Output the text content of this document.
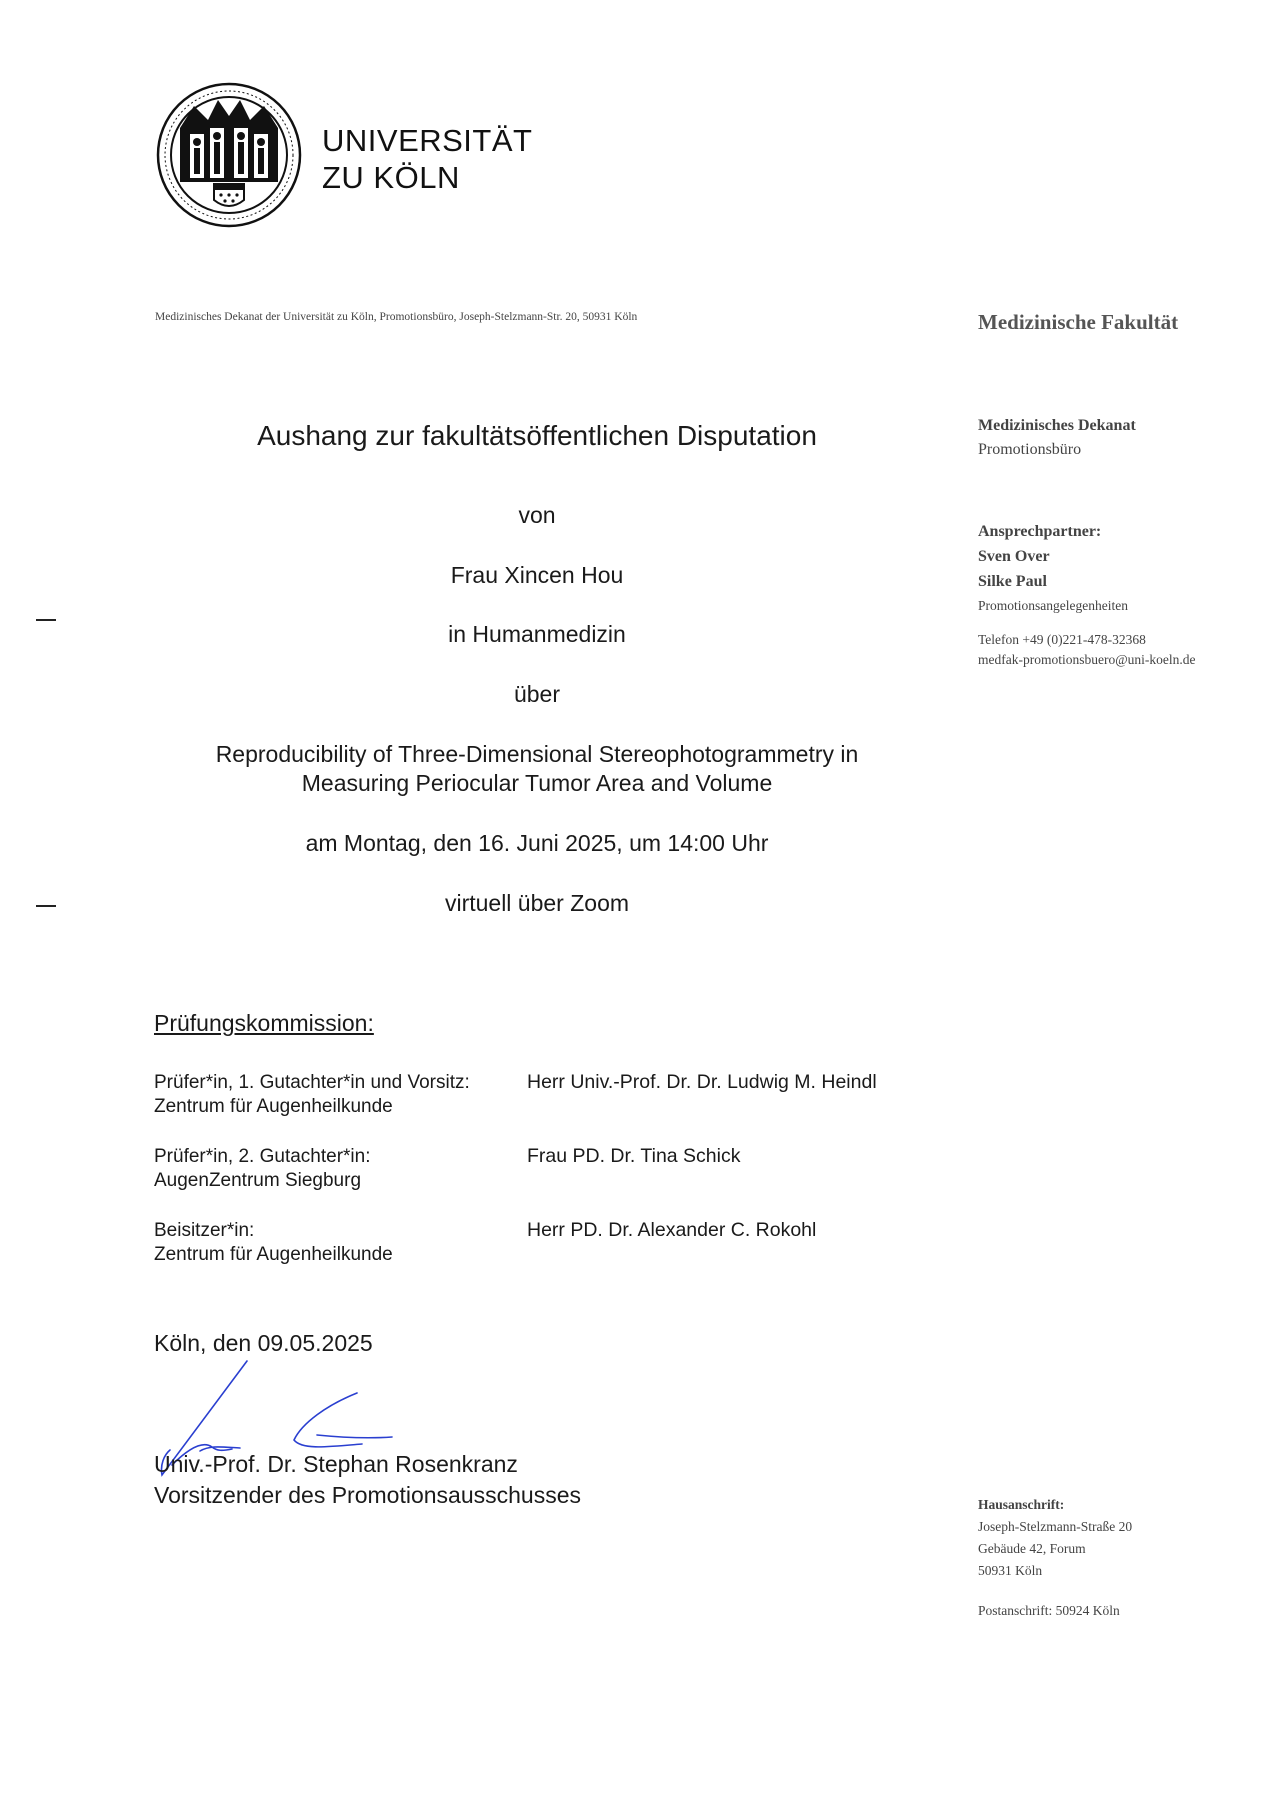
UNIVERSITÄT
ZU KÖLN
Medizinisches Dekanat der Universität zu Köln, Promotionsbüro, Joseph-Stelzmann-Str. 20, 50931 Köln	Medizinische Fakultät
Medizinisches Dekanat
Promotionsbüro
Ansprechpartner:
Sven Over
Silke Paul
Promotionsangelegenheiten
Telefon +49 (0)221-478-32368
medfak-promotionsbuero@uni-koeln.de
Hausanschrift:
Joseph-Stelzmann-Straße 20
Gebäude 42, Forum
50931 Köln
Postanschrift: 50924 Köln
Aushang zur fakultätsöffentlichen Disputation
von
Frau Xincen Hou
in Humanmedizin
über
Reproducibility of Three-Dimensional Stereophotogrammetry in
Measuring Periocular Tumor Area and Volume
am Montag, den 16. Juni 2025, um 14:00 Uhr
virtuell über Zoom
Prüfungskommission:
Prüfer*in, 1. Gutachter*in und Vorsitz:
Zentrum für Augenheilkunde
Herr Univ.-Prof. Dr. Dr. Ludwig M. Heindl
Prüfer*in, 2. Gutachter*in:
AugenZentrum Siegburg
Frau PD. Dr. Tina Schick
Beisitzer*in:
Zentrum für Augenheilkunde
Herr PD. Dr. Alexander C. Rokohl
Köln, den 09.05.2025
Univ.-Prof. Dr. Stephan Rosenkranz
Vorsitzender des Promotionsausschusses
